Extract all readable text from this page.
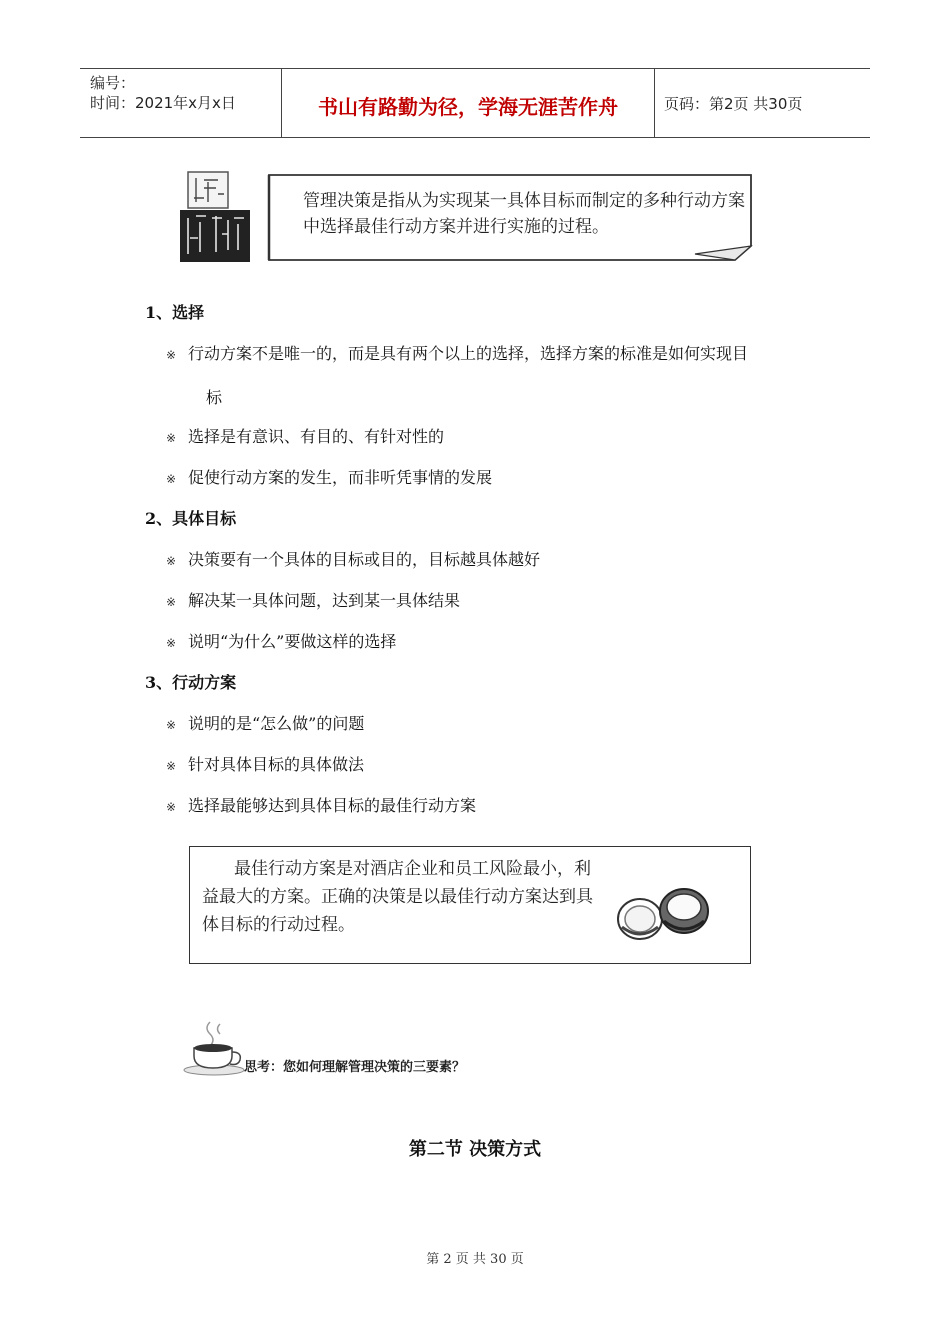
编号：
时间：2021年x月x日	书山有路勤为径，学海无涯苦作舟	页码：第2页 共30页
管理决策是指从为实现某一具体目标而制定的多种行动方案中选择最佳行动方案并进行实施的过程。
1、选择
※ 行动方案不是唯一的，而是具有两个以上的选择，选择方案的标准是如何实现目
标
※ 选择是有意识、有目的、有针对性的
※ 促使行动方案的发生，而非听凭事情的发展
2、具体目标
※ 决策要有一个具体的目标或目的，目标越具体越好
※ 解决某一具体问题，达到某一具体结果
※ 说明“为什么”要做这样的选择
3、行动方案
※ 说明的是“怎么做”的问题
※ 针对具体目标的具体做法
※ 选择最能够达到具体目标的最佳行动方案
最佳行动方案是对酒店企业和员工风险最小，利益最大的方案。正确的决策是以最佳行动方案达到具体目标的行动过程。
思考：您如何理解管理决策的三要素？
第二节 决策方式
第 2 页 共 30 页
